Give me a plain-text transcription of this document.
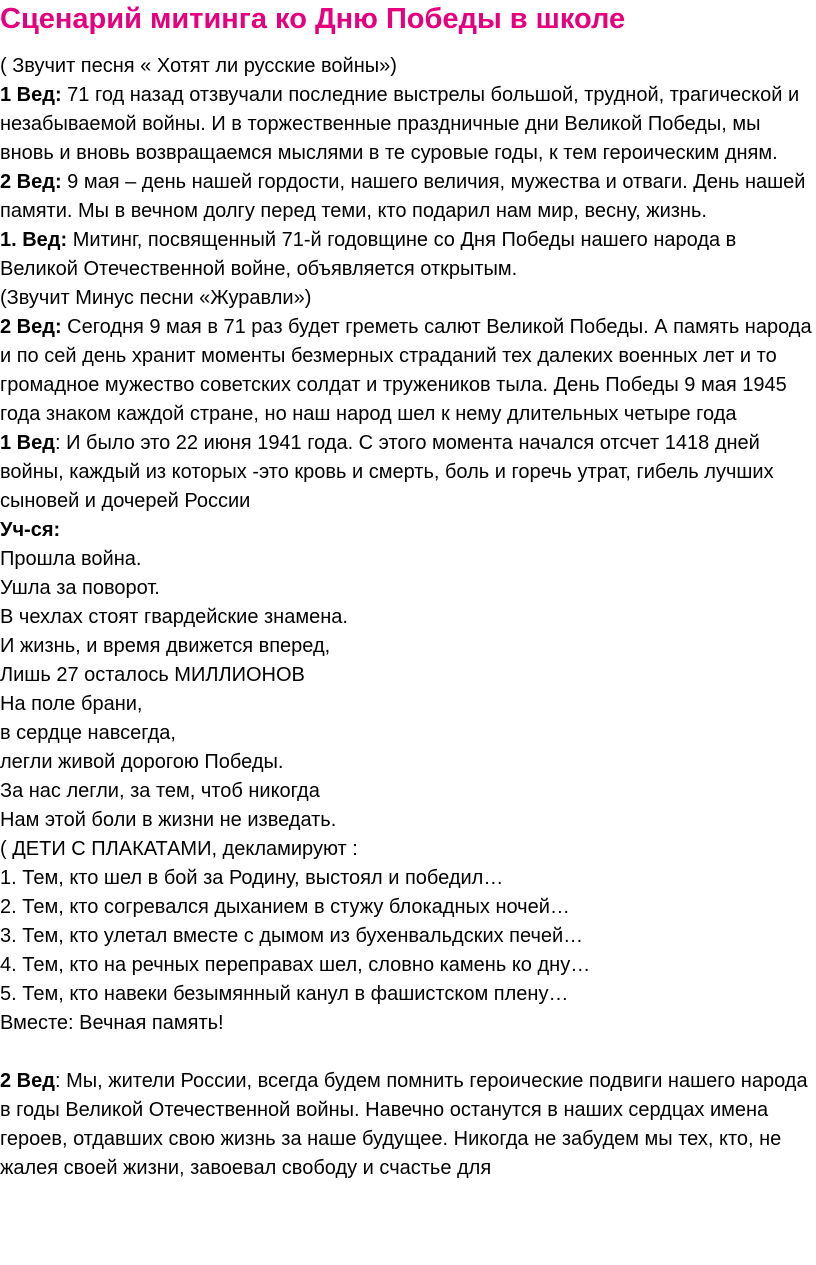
Сценарий митинга ко Дню Победы в школе

( Звучит песня « Хотят ли русские войны»)

1 Вед: 71 год назад отзвучали последние выстрелы большой, трудной, трагической и незабываемой войны. И в торжественные праздничные дни Великой Победы, мы вновь и вновь возвращаемся мыслями в те суровые годы, к тем героическим дням.

2 Вед: 9 мая – день нашей гордости, нашего величия, мужества и отваги. День нашей памяти. Мы в вечном долгу перед теми, кто подарил нам мир, весну, жизнь.

1. Вед: Митинг, посвященный 71-й годовщине со Дня Победы нашего народа в Великой Отечественной войне, объявляется открытым.

(Звучит Минус песни «Журавли»)

2 Вед: Сегодня 9 мая в 71 раз будет греметь салют Великой Победы. А память народа и по сей день хранит моменты безмерных страданий тех далеких военных лет и то громадное мужество советских солдат и тружеников тыла. День Победы 9 мая 1945 года знаком каждой стране, но наш народ шел к нему длительных четыре года

1 Вед: И было это 22 июня 1941 года. С этого момента начался отсчет 1418 дней войны, каждый из которых -это кровь и смерть, боль и горечь утрат, гибель лучших сыновей и дочерей России

Уч-ся:

Прошла война.

Ушла за поворот.

В чехлах стоят гвардейские знамена.

И жизнь, и время движется вперед,

Лишь 27 осталось МИЛЛИОНОВ

На поле брани,

в сердце навсегда,

легли живой дорогою Победы.

За нас легли, за тем, чтоб никогда

Нам этой боли в жизни не изведать.

( ДЕТИ С ПЛАКАТАМИ, декламируют :

1. Тем, кто шел в бой за Родину, выстоял и победил…

2. Тем, кто согревался дыханием в стужу блокадных ночей…

3. Тем, кто улетал вместе с дымом из бухенвальдских печей…

4. Тем, кто на речных переправах шел, словно камень ко дну…

5. Тем, кто навеки безымянный канул в фашистском плену…

Вместе: Вечная память!

2 Вед: Мы, жители России, всегда будем помнить героические подвиги нашего народа в годы Великой Отечественной войны. Навечно останутся в наших сердцах имена героев, отдавших свою жизнь за наше будущее. Никогда не забудем мы тех, кто, не жалея своей жизни, завоевал свободу и счастье для
